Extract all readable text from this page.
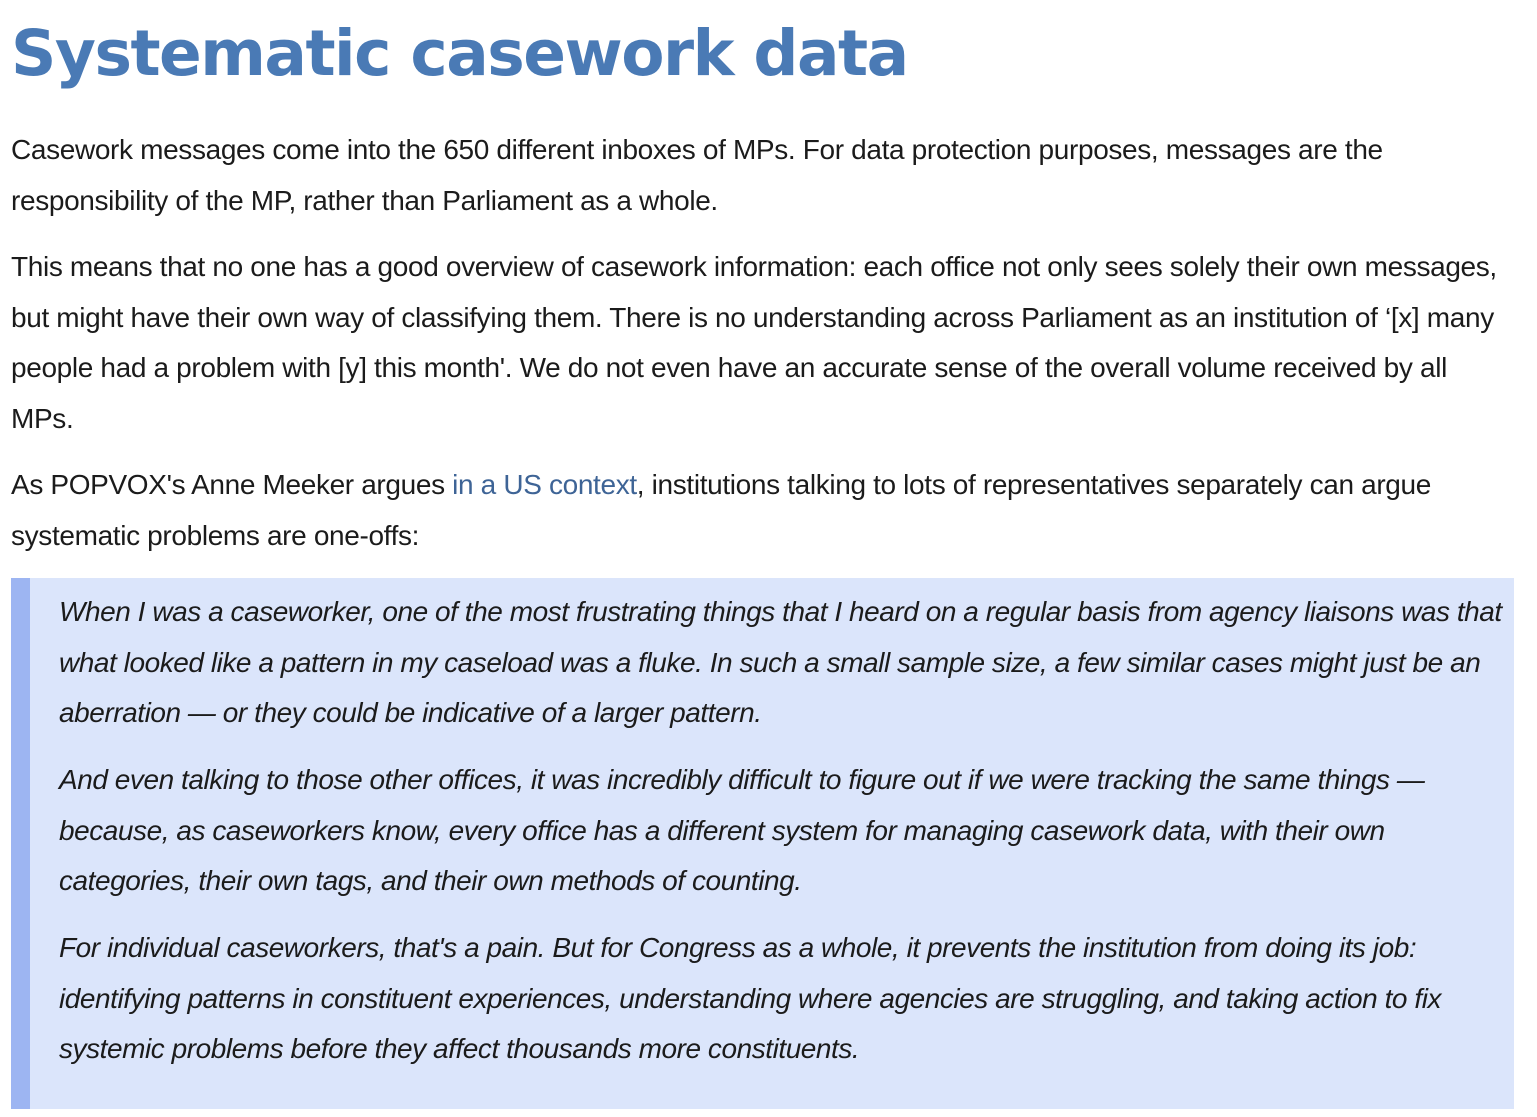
Systematic casework data

Casework messages come into the 650 different inboxes of MPs. For data protection purposes, messages are the responsibility of the MP, rather than Parliament as a whole.

This means that no one has a good overview of casework information: each office not only sees solely their own messages, but might have their own way of classifying them. There is no understanding across Parliament as an institution of ‘[x] many people had a problem with [y] this month'. We do not even have an accurate sense of the overall volume received by all MPs.

As POPVOX's Anne Meeker argues in a US context, institutions talking to lots of representatives separately can argue systematic problems are one-offs:

When I was a caseworker, one of the most frustrating things that I heard on a regular basis from agency liaisons was that what looked like a pattern in my caseload was a fluke. In such a small sample size, a few similar cases might just be an aberration — or they could be indicative of a larger pattern.

And even talking to those other offices, it was incredibly difficult to figure out if we were tracking the same things — because, as caseworkers know, every office has a different system for managing casework data, with their own categories, their own tags, and their own methods of counting.

For individual caseworkers, that's a pain. But for Congress as a whole, it prevents the institution from doing its job: identifying patterns in constituent experiences, understanding where agencies are struggling, and taking action to fix systemic problems before they affect thousands more constituents.
